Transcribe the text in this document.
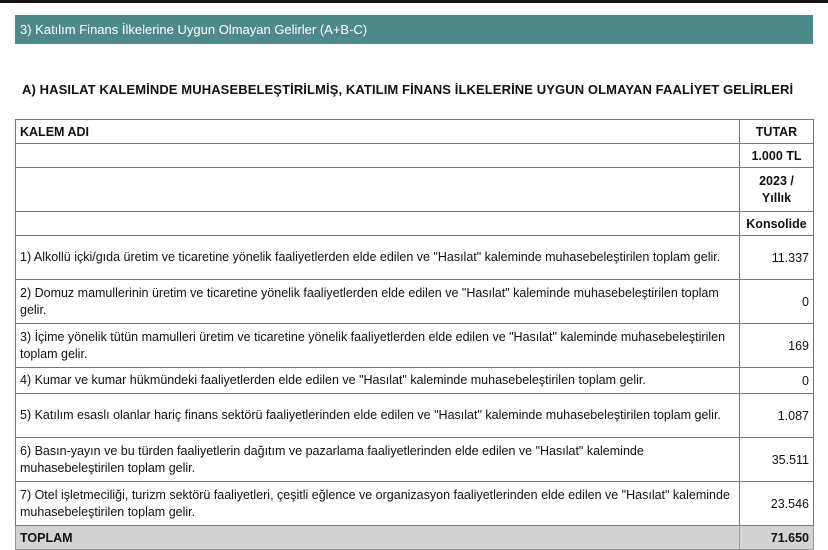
3) Katılım Finans İlkelerine Uygun Olmayan Gelirler (A+B-C)
A) HASILAT KALEMİNDE MUHASEBELEŞTİRİLMİŞ, KATILIM FİNANS İLKELERİNE UYGUN OLMAYAN FAALİYET GELİRLERİ
KALEM ADI	TUTAR
	1.000 TL
	2023 / Yıllık
	Konsolide
1) Alkollü içki/gıda üretim ve ticaretine yönelik faaliyetlerden elde edilen ve "Hasılat" kaleminde muhasebeleştirilen toplam gelir.	11.337
2) Domuz mamullerinin üretim ve ticaretine yönelik faaliyetlerden elde edilen ve "Hasılat" kaleminde muhasebeleştirilen toplam gelir.	0
3) İçime yönelik tütün mamulleri üretim ve ticaretine yönelik faaliyetlerden elde edilen ve "Hasılat" kaleminde muhasebeleştirilen toplam gelir.	169
4) Kumar ve kumar hükmündeki faaliyetlerden elde edilen ve "Hasılat" kaleminde muhasebeleştirilen toplam gelir.	0
5) Katılım esaslı olanlar hariç finans sektörü faaliyetlerinden elde edilen ve "Hasılat" kaleminde muhasebeleştirilen toplam gelir.	1.087
6) Basın-yayın ve bu türden faaliyetlerin dağıtım ve pazarlama faaliyetlerinden elde edilen ve "Hasılat" kaleminde muhasebeleştirilen toplam gelir.	35.511
7) Otel işletmeciliği, turizm sektörü faaliyetleri, çeşitli eğlence ve organizasyon faaliyetlerinden elde edilen ve "Hasılat" kaleminde muhasebeleştirilen toplam gelir.	23.546
TOPLAM	71.650
